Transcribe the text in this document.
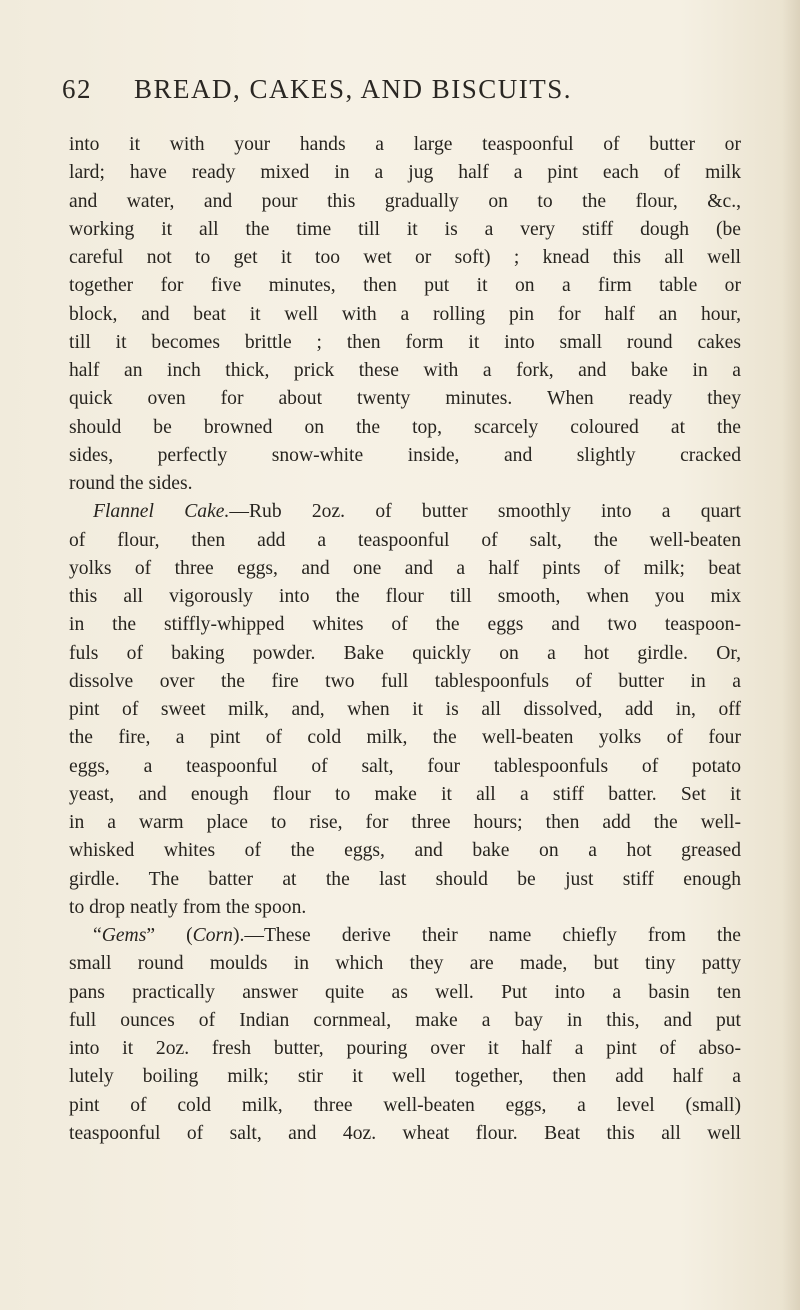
62 BREAD, CAKES, AND BISCUITS.
into it with your hands a large teaspoonful of butter or
lard; have ready mixed in a jug half a pint each of milk
and water, and pour this gradually on to the flour, &c.,
working it all the time till it is a very stiff dough (be
careful not to get it too wet or soft) ; knead this all well
together for five minutes, then put it on a firm table or
block, and beat it well with a rolling pin for half an hour,
till it becomes brittle ; then form it into small round cakes
half an inch thick, prick these with a fork, and bake in a
quick oven for about twenty minutes. When ready they
should be browned on the top, scarcely coloured at the
sides, perfectly snow-white inside, and slightly cracked
round the sides.
Flannel Cake.—Rub 2oz. of butter smoothly into a quart
of flour, then add a teaspoonful of salt, the well-beaten
yolks of three eggs, and one and a half pints of milk; beat
this all vigorously into the flour till smooth, when you mix
in the stiffly-whipped whites of the eggs and two teaspoon-
fuls of baking powder. Bake quickly on a hot girdle. Or,
dissolve over the fire two full tablespoonfuls of butter in a
pint of sweet milk, and, when it is all dissolved, add in, off
the fire, a pint of cold milk, the well-beaten yolks of four
eggs, a teaspoonful of salt, four tablespoonfuls of potato
yeast, and enough flour to make it all a stiff batter. Set it
in a warm place to rise, for three hours; then add the well-
whisked whites of the eggs, and bake on a hot greased
girdle. The batter at the last should be just stiff enough
to drop neatly from the spoon.
“Gems” (Corn).—These derive their name chiefly from the
small round moulds in which they are made, but tiny patty
pans practically answer quite as well. Put into a basin ten
full ounces of Indian cornmeal, make a bay in this, and put
into it 2oz. fresh butter, pouring over it half a pint of abso-
lutely boiling milk; stir it well together, then add half a
pint of cold milk, three well-beaten eggs, a level (small)
teaspoonful of salt, and 4oz. wheat flour. Beat this all well
